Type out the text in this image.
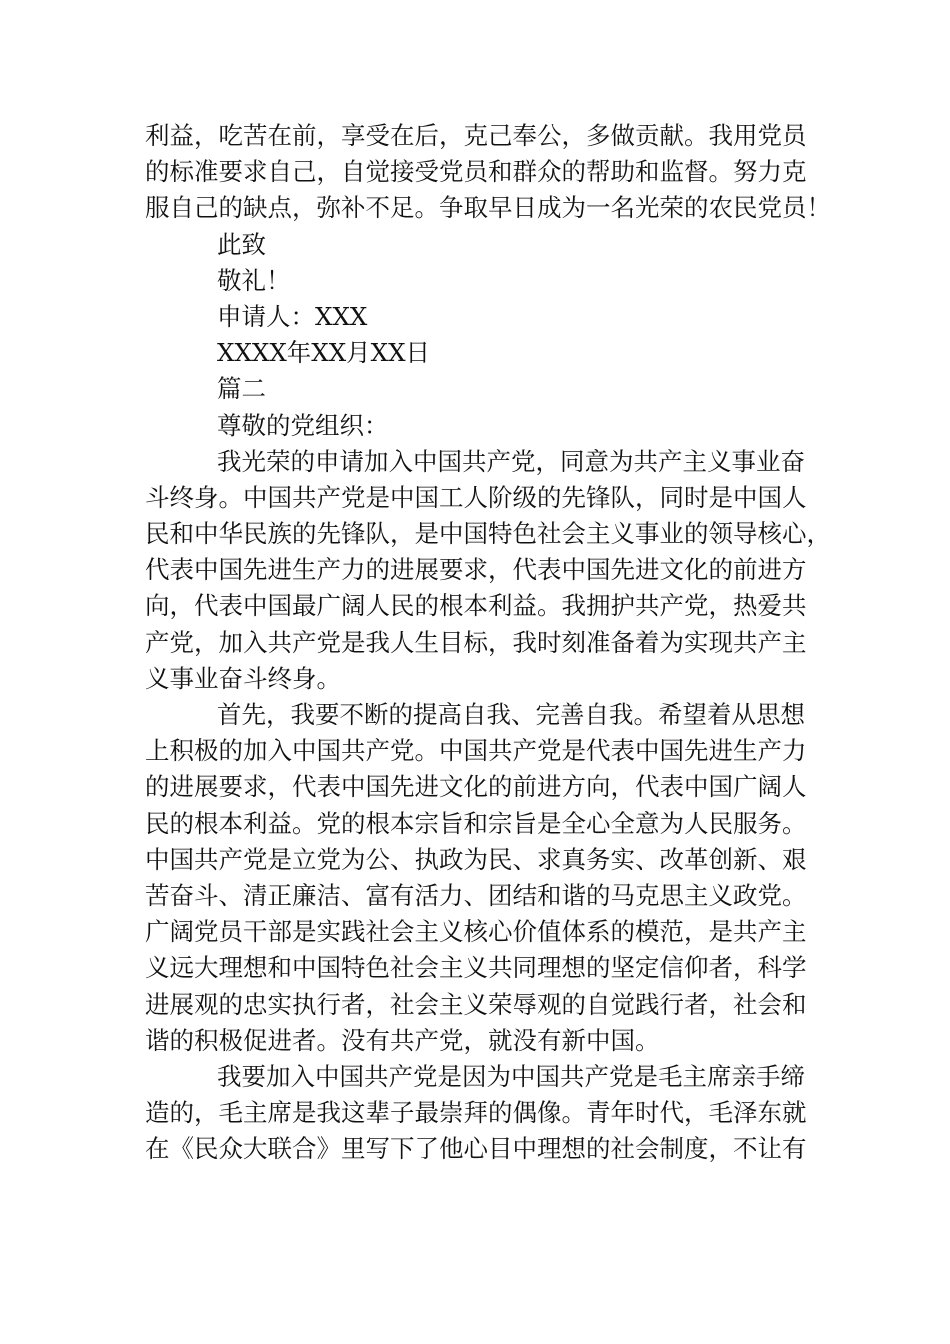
利益，吃苦在前，享受在后，克己奉公，多做贡献。我用党员
的标准要求自己，自觉接受党员和群众的帮助和监督。努力克
服自己的缺点，弥补不足。争取早日成为一名光荣的农民党员！
此致
敬礼！
申请人：XXX
XXXX年XX月XX日
篇二
尊敬的党组织：
我光荣的申请加入中国共产党，同意为共产主义事业奋
斗终身。中国共产党是中国工人阶级的先锋队，同时是中国人
民和中华民族的先锋队，是中国特色社会主义事业的领导核心，
代表中国先进生产力的进展要求，代表中国先进文化的前进方
向，代表中国最广阔人民的根本利益。我拥护共产党，热爱共
产党，加入共产党是我人生目标，我时刻准备着为实现共产主
义事业奋斗终身。
首先，我要不断的提高自我、完善自我。希望着从思想
上积极的加入中国共产党。中国共产党是代表中国先进生产力
的进展要求，代表中国先进文化的前进方向，代表中国广阔人
民的根本利益。党的根本宗旨和宗旨是全心全意为人民服务。
中国共产党是立党为公、执政为民、求真务实、改革创新、艰
苦奋斗、清正廉洁、富有活力、团结和谐的马克思主义政党。
广阔党员干部是实践社会主义核心价值体系的模范，是共产主
义远大理想和中国特色社会主义共同理想的坚定信仰者，科学
进展观的忠实执行者，社会主义荣辱观的自觉践行者，社会和
谐的积极促进者。没有共产党，就没有新中国。
我要加入中国共产党是因为中国共产党是毛主席亲手缔
造的，毛主席是我这辈子最崇拜的偶像。青年时代，毛泽东就
在《民众大联合》里写下了他心目中理想的社会制度，不让有
